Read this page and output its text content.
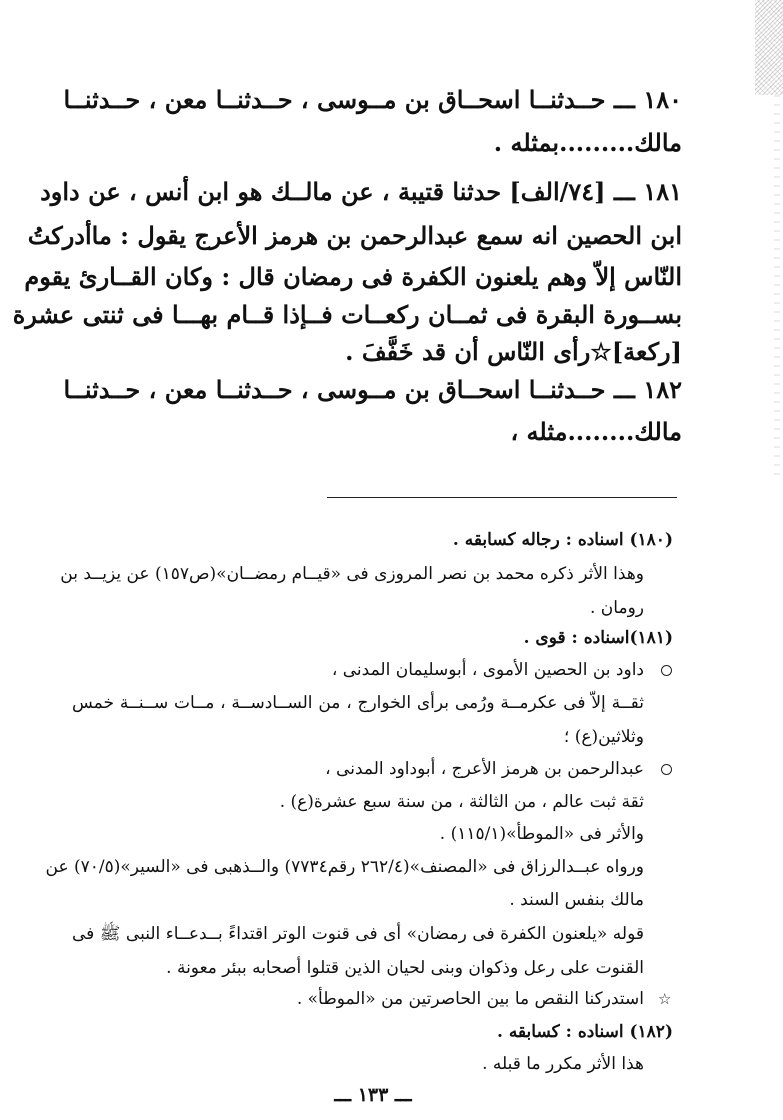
١٨٠ ـــ حــدثنــا اسحــاق بن مــوسى ، حــدثنــا معن ، حــدثنــا
مالك.........بمثله .
١٨١ ـــ [٧٤/الف] حدثنا قتيبة ، عن مالــك هو ابن أنس ، عن داود
ابن الحصين انه سمع عبدالرحمن بن هرمز الأعرج يقول : ماأدركتُ
النّاس إلاّ وهم يلعنون الكفرة فى رمضان قال : وكان القــارئ يقوم
بســورة البقرة فى ثمــان ركعــات فــإذا قــام بهـــا فى ثنتى عشرة
[ركعة]☆رأى النّاس أن قد خَفَّفَ .
١٨٢ ـــ حــدثنــا اسحــاق بن مــوسى ، حــدثنــا معن ، حــدثنــا
مالك........مثله ،
(١٨٠) اسناده : رجاله كسابقه .
وهذا الأثر ذكره محمد بن نصر المروزى فى «قيــام رمضــان»(ص١٥٧) عن يزيــد بن
رومان .
(١٨١)اسناده : قوى .
داود بن الحصين الأموى ، أبوسليمان المدنى ،
ثقــة إلاّ فى عكرمــة ورُمى برأى الخوارج ، من الســادســة ، مــات ســنــة خمس
وثلاثين(ع) ؛
عبدالرحمن بن هرمز الأعرج ، أبوداود المدنى ،
ثقة ثبت عالم ، من الثالثة ، من سنة سبع عشرة(ع) .
والأثر فى «الموطأ»(١١٥/١) .
ورواه عبــدالرزاق فى «المصنف»(٢٦٢/٤ رقم٧٧٣٤) والــذهبى فى «السير»(٧٠/٥) عن
مالك بنفس السند .
قوله «يلعنون الكفرة فى رمضان» أى فى قنوت الوتر اقتداءً بــدعــاء النبى ﷺ فى
القنوت على رعل وذكوان وبنى لحيان الذين قتلوا أصحابه ببئر معونة .
☆
استدركنا النقص ما بين الحاصرتين من «الموطأ» .
(١٨٢) اسناده : كسابقه .
هذا الأثر مكرر ما قبله .
ـــ ١٣٣ ـــ
